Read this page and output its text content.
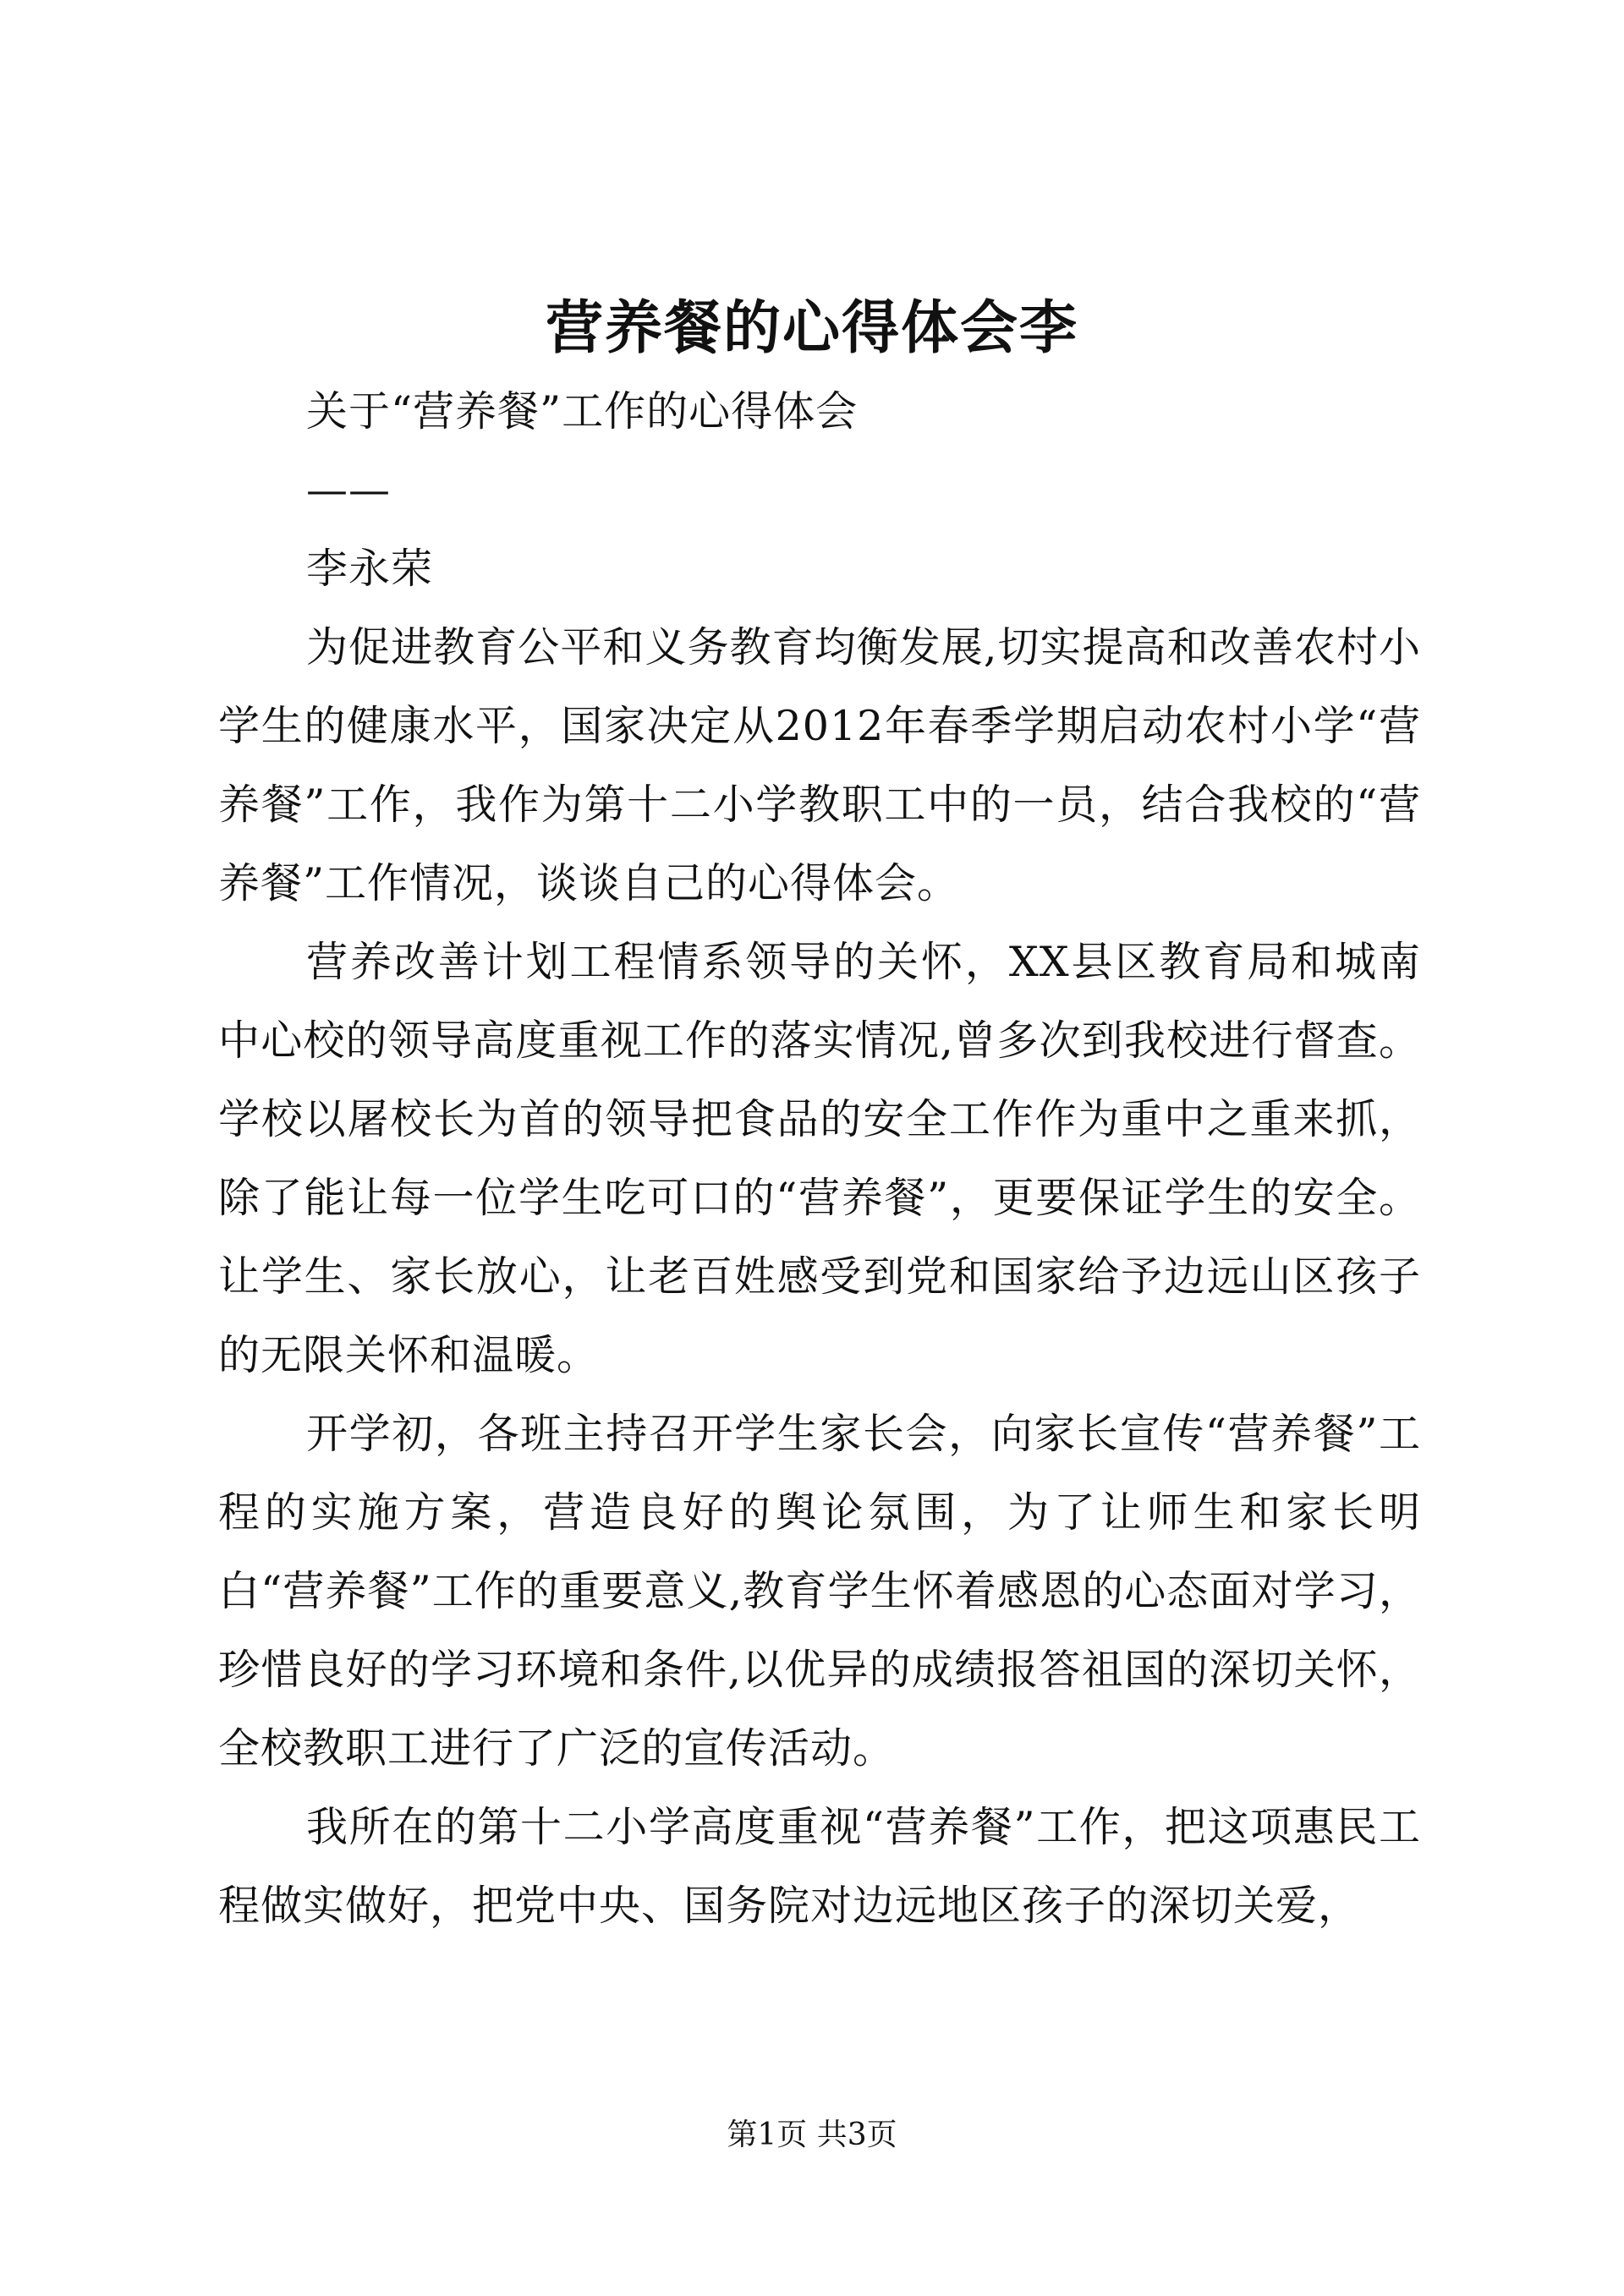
营养餐的心得体会李

关于“营养餐”工作的心得体会

——

李永荣

为促进教育公平和义务教育均衡发展,切实提高和改善农村小学生的健康水平，国家决定从2012年春季学期启动农村小学“营养餐”工作，我作为第十二小学教职工中的一员，结合我校的“营养餐”工作情况，谈谈自己的心得体会。

营养改善计划工程情系领导的关怀，XX县区教育局和城南中心校的领导高度重视工作的落实情况,曾多次到我校进行督查。学校以屠校长为首的领导把食品的安全工作作为重中之重来抓，除了能让每一位学生吃可口的“营养餐”，更要保证学生的安全。让学生、家长放心，让老百姓感受到党和国家给予边远山区孩子的无限关怀和温暖。

开学初，各班主持召开学生家长会，向家长宣传“营养餐”工程的实施方案，营造良好的舆论氛围，为了让师生和家长明白“营养餐”工作的重要意义,教育学生怀着感恩的心态面对学习，珍惜良好的学习环境和条件,以优异的成绩报答祖国的深切关怀，全校教职工进行了广泛的宣传活动。

我所在的第十二小学高度重视“营养餐”工作，把这项惠民工程做实做好，把党中央、国务院对边远地区孩子的深切关爱，

第1页 共3页
